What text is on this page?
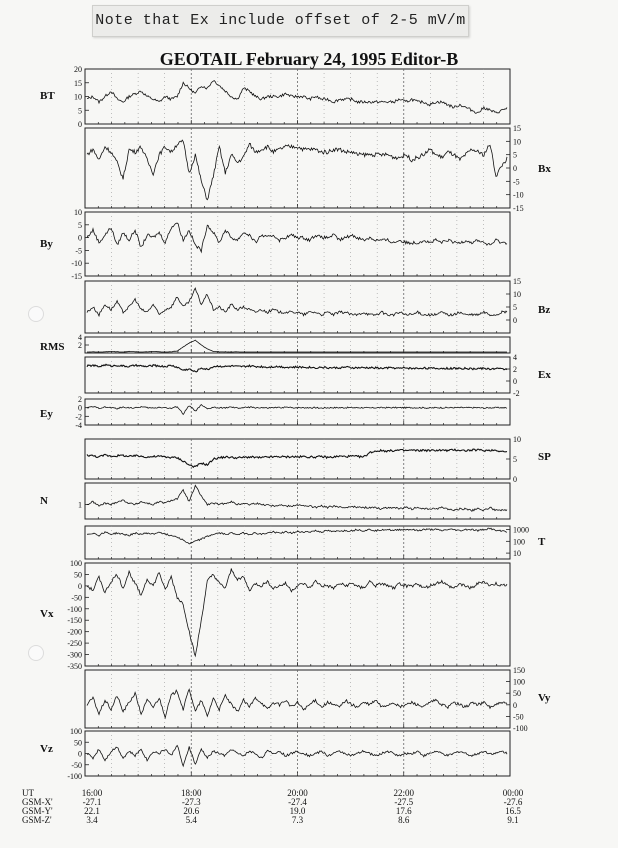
Note that Ex include offset of 2-5 mV/m
GEOTAIL February 24, 1995 Editor-B
0
5
10
15
20
BT
-15
-10
-5
0
5
10
15
Bx
-15
-10
-5
0
5
10
By
0
5
10
15
Bz
2
4
RMS
-2
0
2
4
Ex
-4
-2
0
2
Ey
0
5
10
SP
1
N
10
100
1000
T
-350
-300
-250
-200
-150
-100
-50
0
50
100
Vx
-100
-50
0
50
100
150
Vy
-100
-50
0
50
100
Vz
UT	16:00	18:00	20:00	22:00	00:00
GSM-X'	-27.1	-27.3	-27.4	-27.5	-27.6
GSM-Y'	22.1	20.6	19.0	17.6	16.5
GSM-Z'	3.4	5.4	7.3	8.6	9.1
